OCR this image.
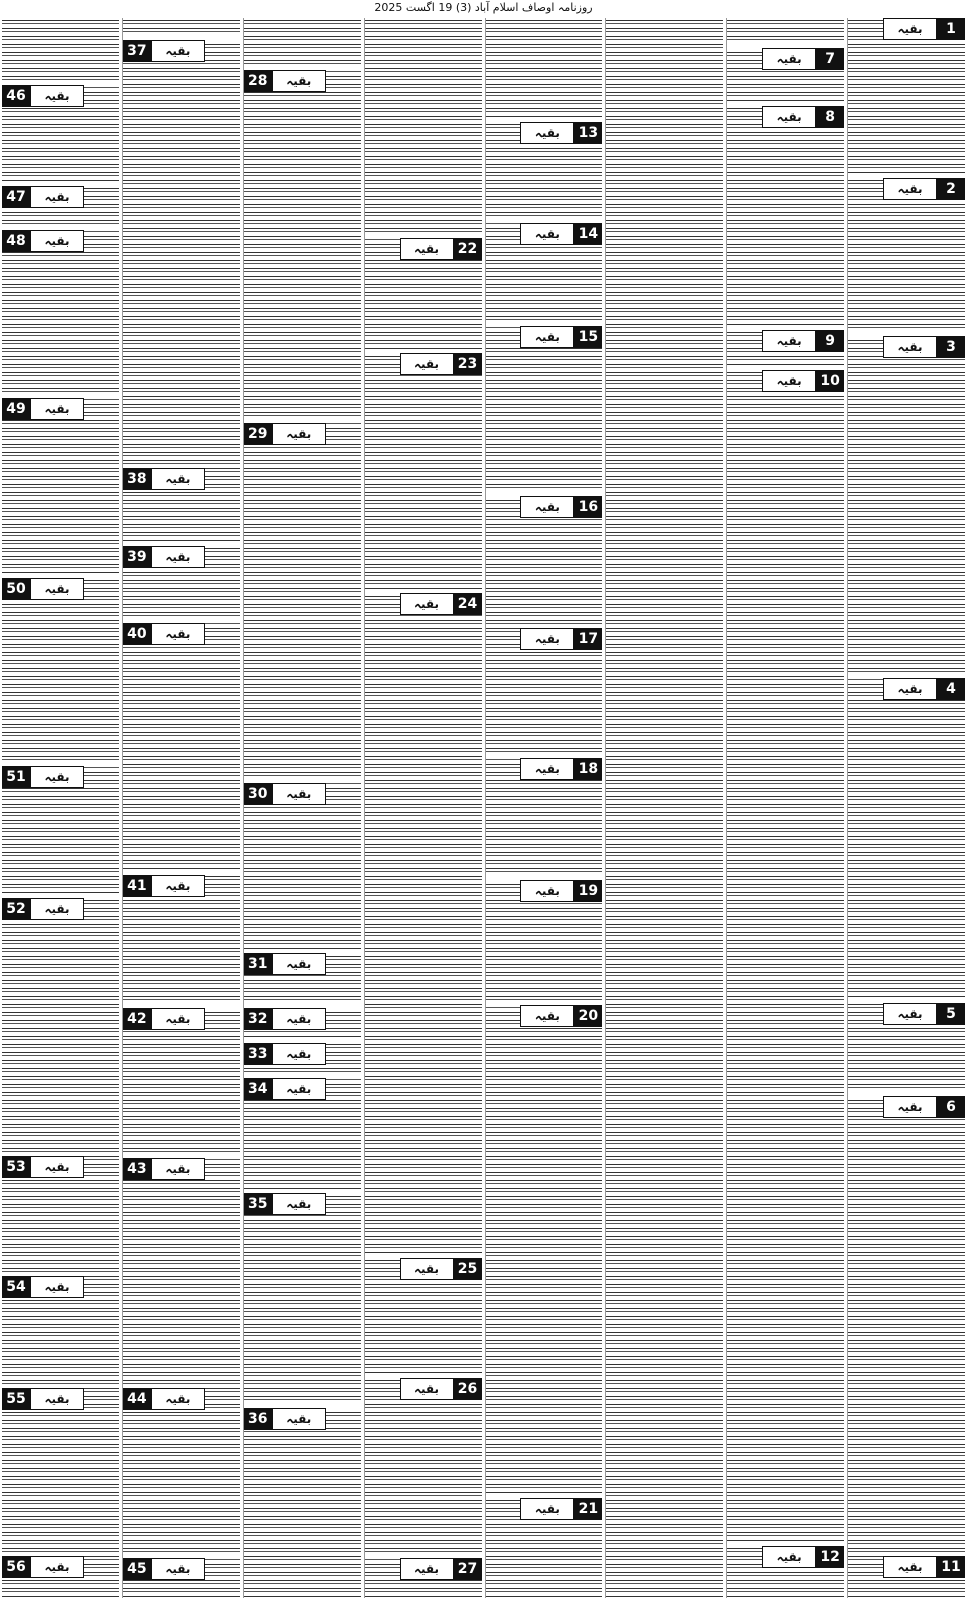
روزنامہ اوصاف اسلام آباد (3) 19 اگست 2025
1
بقیہ
2
بقیہ
3
بقیہ
4
بقیہ
5
بقیہ
6
بقیہ
11
بقیہ
7
بقیہ
8
بقیہ
9
بقیہ
10
بقیہ
12
بقیہ
13
بقیہ
14
بقیہ
15
بقیہ
16
بقیہ
17
بقیہ
18
بقیہ
19
بقیہ
20
بقیہ
21
بقیہ
22
بقیہ
23
بقیہ
24
بقیہ
25
بقیہ
26
بقیہ
27
بقیہ
28	بقیہ
29	بقیہ
30	بقیہ
31	بقیہ
32	بقیہ
33	بقیہ
34	بقیہ
35	بقیہ
36	بقیہ
37	بقیہ
38	بقیہ
39	بقیہ
40	بقیہ
41	بقیہ
42	بقیہ
43	بقیہ
44	بقیہ
45	بقیہ
46	بقیہ
47	بقیہ
48	بقیہ
49	بقیہ
50	بقیہ
51	بقیہ
52	بقیہ
53	بقیہ
54	بقیہ
55	بقیہ
56	بقیہ
